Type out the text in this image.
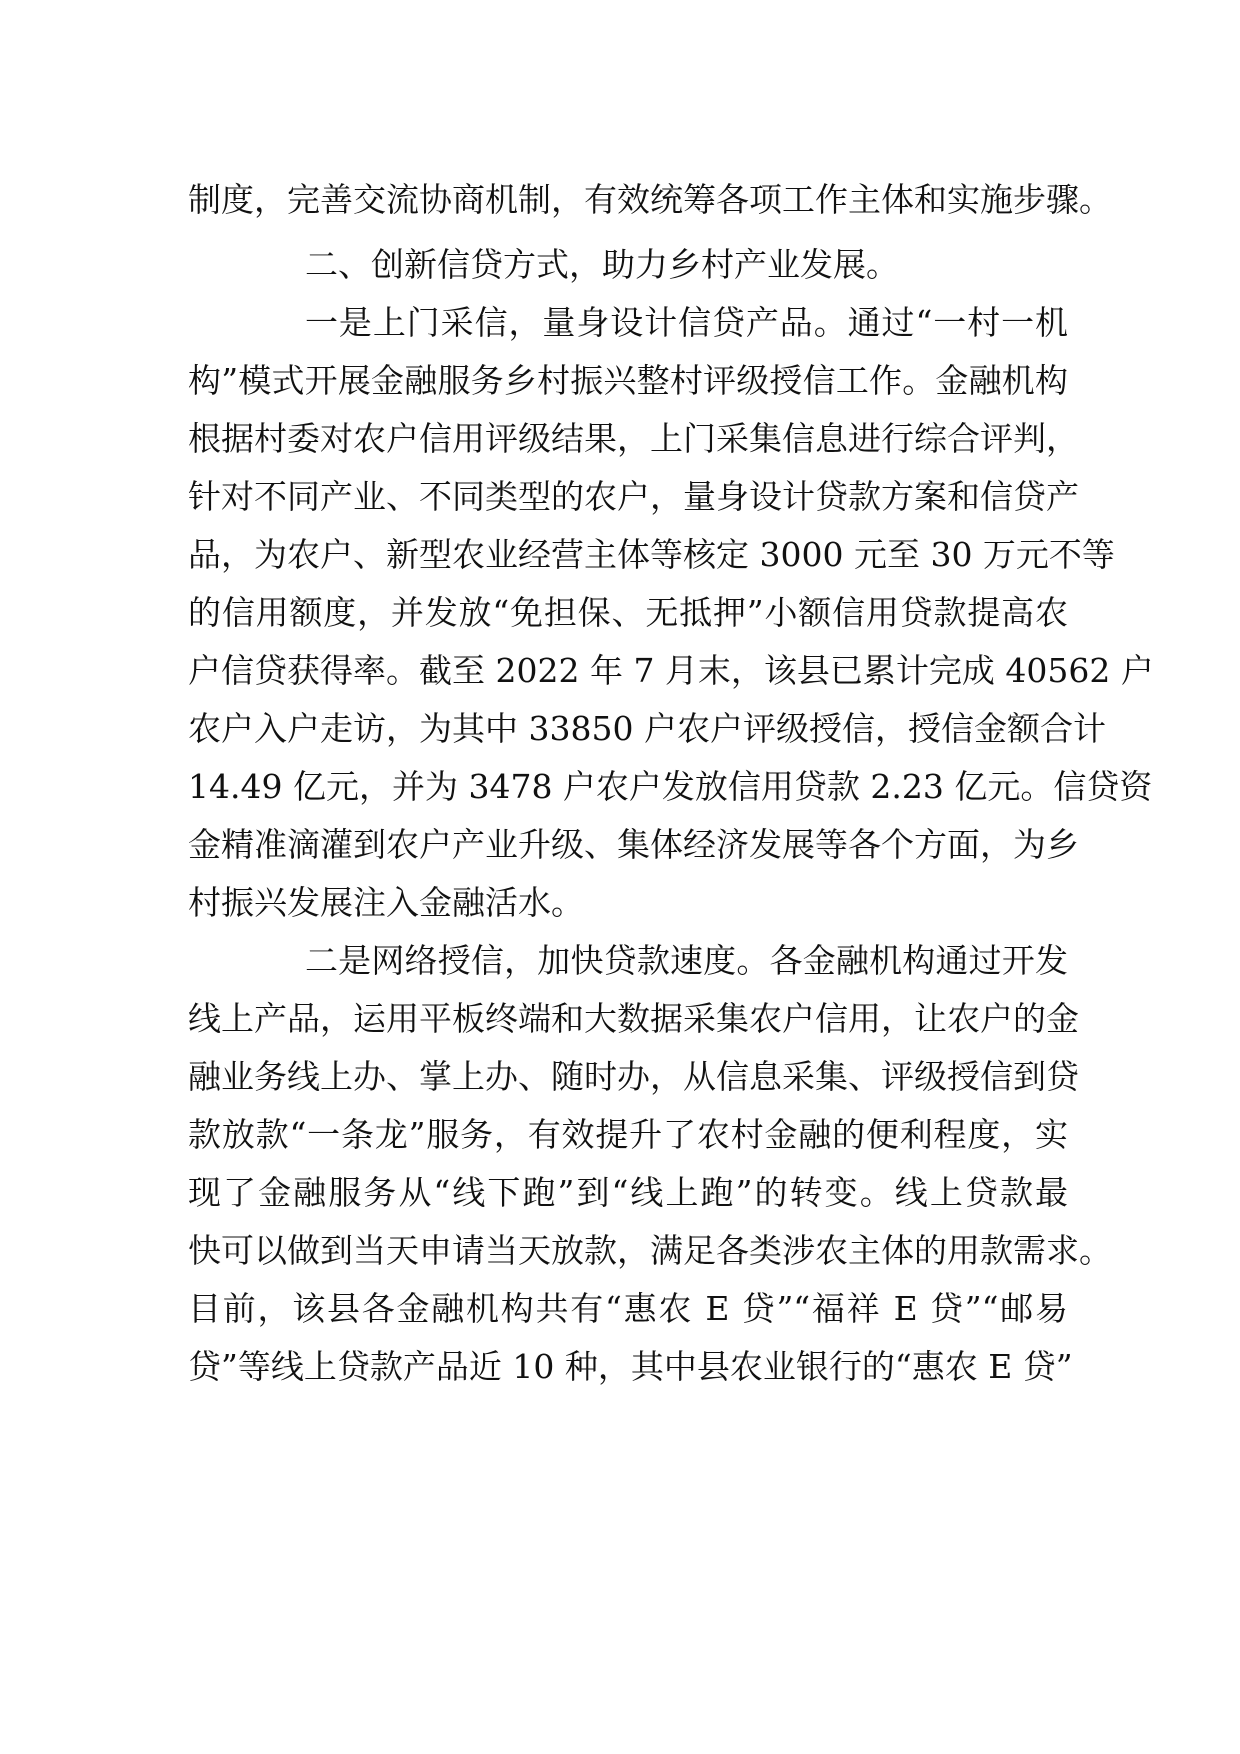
制度，完善交流协商机制，有效统筹各项工作主体和实施步骤。
二、创新信贷方式，助力乡村产业发展。
一是上门采信，量身设计信贷产品。通过“一村一机
构”模式开展金融服务乡村振兴整村评级授信工作。金融机构
根据村委对农户信用评级结果，上门采集信息进行综合评判，
针对不同产业、不同类型的农户，量身设计贷款方案和信贷产
品，为农户、新型农业经营主体等核定 3000 元至 30 万元不等
的信用额度，并发放“免担保、无抵押”小额信用贷款提高农
户信贷获得率。截至 2022 年 7 月末，该县已累计完成 40562 户
农户入户走访，为其中 33850 户农户评级授信，授信金额合计
14.49 亿元，并为 3478 户农户发放信用贷款 2.23 亿元。信贷资
金精准滴灌到农户产业升级、集体经济发展等各个方面，为乡
村振兴发展注入金融活水。
二是网络授信，加快贷款速度。各金融机构通过开发
线上产品，运用平板终端和大数据采集农户信用，让农户的金
融业务线上办、掌上办、随时办，从信息采集、评级授信到贷
款放款“一条龙”服务，有效提升了农村金融的便利程度，实
现了金融服务从“线下跑”到“线上跑”的转变。线上贷款最
快可以做到当天申请当天放款，满足各类涉农主体的用款需求。
目前，该县各金融机构共有“惠农 E 贷”“福祥 E 贷”“邮易
贷”等线上贷款产品近 10 种，其中县农业银行的“惠农 E 贷”
